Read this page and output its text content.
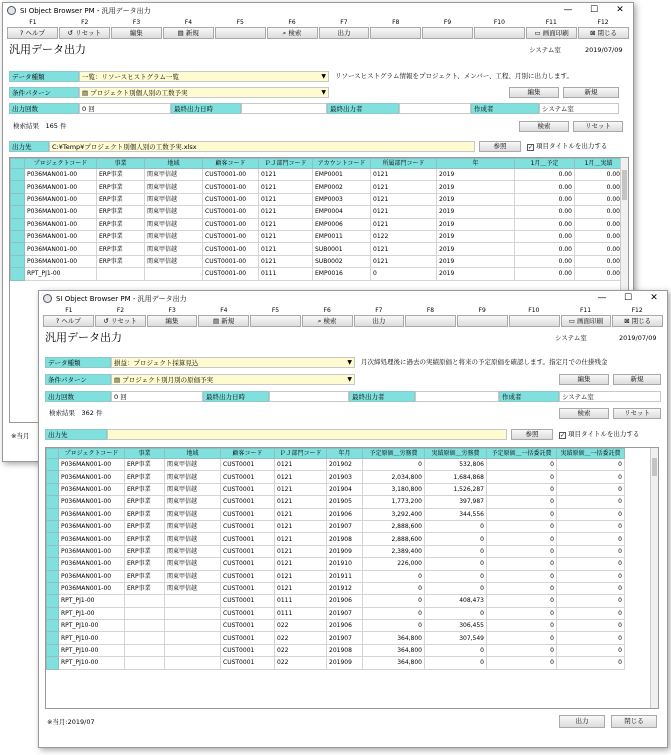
SI Object Browser PM - 汎用データ出力	—	☐	✕
F1	F2	F3	F4	F5	F6	F7	F8	F9	F10	F11	F12
? ヘルプ	↺ リセット	編集	▤ 新規	⌕ 検索	出力	▭ 画面印刷	⊠ 閉じる
汎用データ出力	システム室	2019/07/09
データ種類	一覧：リソースヒストグラム一覧	▼ リソースヒストグラム情報をプロジェクト、メンバー、工程、月別に出力します。
条件パターン	▤ プロジェクト別個人別の工数予実	▼	編集	新規
出力回数	0 回	最終出力日時	最終出力者	作成者	システム室
検索結果　165 件	検索	リセット
出力先	C:¥Temp¥プロジェクト別個人別の工数予実.xlsx	参照	✓ 項目タイトルを出力する
	プロジェクトコード	事業	地域	顧客コード	ＰＪ部門コード	アカウントコード	所属部門コード	年	1月＿予定	1月＿実績
	P036MAN001-00	ERP事業	関東甲信越	CUST0001-00	0121	EMP0001	0121	2019	0.00	0.00
	P036MAN001-00	ERP事業	関東甲信越	CUST0001-00	0121	EMP0002	0121	2019	0.00	0.00
	P036MAN001-00	ERP事業	関東甲信越	CUST0001-00	0121	EMP0003	0121	2019	0.00	0.00
	P036MAN001-00	ERP事業	関東甲信越	CUST0001-00	0121	EMP0004	0121	2019	0.00	0.00
	P036MAN001-00	ERP事業	関東甲信越	CUST0001-00	0121	EMP0006	0121	2019	0.00	0.00
	P036MAN001-00	ERP事業	関東甲信越	CUST0001-00	0121	EMP0011	0122	2019	0.00	0.00
	P036MAN001-00	ERP事業	関東甲信越	CUST0001-00	0121	SUB0001	0121	2019	0.00	0.00
	P036MAN001-00	ERP事業	関東甲信越	CUST0001-00	0121	SUB0002	0121	2019	0.00	0.00
	RPT_PJ1-00			CUST0001-00	0111	EMP0016	0	2019	0.00	0.00
※当月
SI Object Browser PM - 汎用データ出力	—	☐	✕
F1	F2	F3	F4	F5	F6	F7	F8	F9	F10	F11	F12
? ヘルプ	↺ リセット	編集	▤ 新規	⌕ 検索	出力	▭ 画面印刷	⊠ 閉じる
汎用データ出力	システム室	2019/07/09
データ種類	損益：プロジェクト採算見込	▼ 月次締処理後に過去の実績原価と将来の予定原価を確認します。指定月での仕掛残金
条件パターン	▤ プロジェクト別月別の原価予実	▼	編集	新規
出力回数	0 回	最終出力日時	最終出力者	作成者	システム室
検索結果　362 件	検索	リセット
出力先	参照	✓ 項目タイトルを出力する
	プロジェクトコード	事業	地域	顧客コード	ＰＪ部門コード	年月	予定原価＿労務費	実績原価＿労務費	予定原価＿一括委託費	実績原価＿一括委託費
	P036MAN001-00	ERP事業	関東甲信越	CUST0001	0121	201902	0	532,806	0	0
	P036MAN001-00	ERP事業	関東甲信越	CUST0001	0121	201903	2,034,800	1,684,868	0	0
	P036MAN001-00	ERP事業	関東甲信越	CUST0001	0121	201904	3,180,800	1,526,287	0	0
	P036MAN001-00	ERP事業	関東甲信越	CUST0001	0121	201905	1,773,200	397,987	0	0
	P036MAN001-00	ERP事業	関東甲信越	CUST0001	0121	201906	3,292,400	344,556	0	0
	P036MAN001-00	ERP事業	関東甲信越	CUST0001	0121	201907	2,888,600	0	0	0
	P036MAN001-00	ERP事業	関東甲信越	CUST0001	0121	201908	2,888,600	0	0	0
	P036MAN001-00	ERP事業	関東甲信越	CUST0001	0121	201909	2,389,400	0	0	0
	P036MAN001-00	ERP事業	関東甲信越	CUST0001	0121	201910	226,000	0	0	0
	P036MAN001-00	ERP事業	関東甲信越	CUST0001	0121	201911	0	0	0	0
	P036MAN001-00	ERP事業	関東甲信越	CUST0001	0121	201912	0	0	0	0
	RPT_PJ1-00			CUST0001	0111	201906	0	408,473	0	0
	RPT_PJ1-00			CUST0001	0111	201907	0	0	0	0
	RPT_PJ10-00			CUST0001	022	201906	0	306,455	0	0
	RPT_PJ10-00			CUST0001	022	201907	364,800	307,549	0	0
	RPT_PJ10-00			CUST0001	022	201908	364,800	0	0	0
	RPT_PJ10-00			CUST0001	022	201909	364,800	0	0	0
※当月:2019/07	出力	閉じる
